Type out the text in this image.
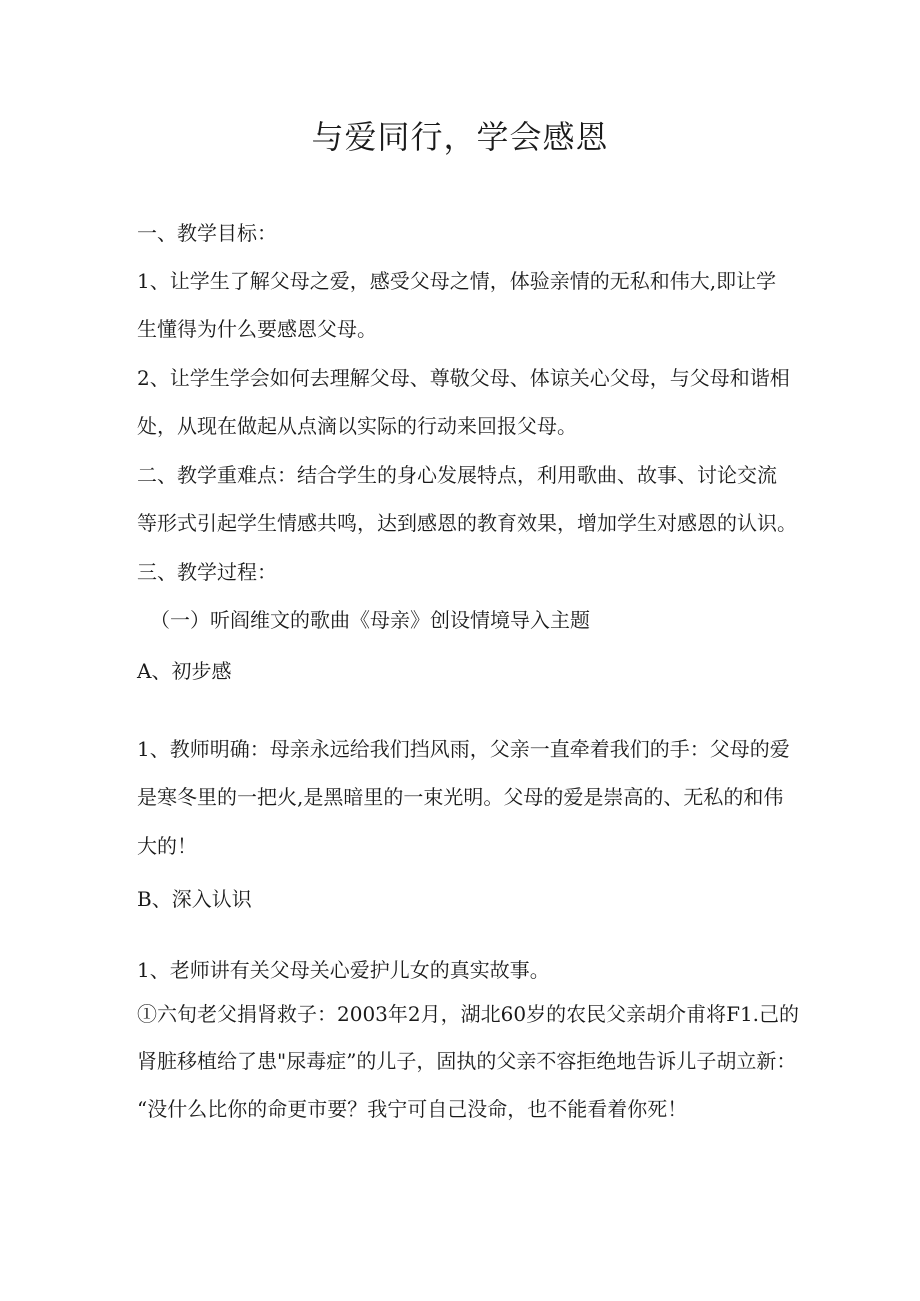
与爱同行，学会感恩

一、教学目标：

1、让学生了解父母之爱，感受父母之情，体验亲情的无私和伟大,即让学

生懂得为什么要感恩父母。

2、让学生学会如何去理解父母、尊敬父母、体谅关心父母，与父母和谐相

处，从现在做起从点滴以实际的行动来回报父母。

二、教学重难点：结合学生的身心发展特点，利用歌曲、故事、讨论交流

等形式引起学生情感共鸣，达到感恩的教育效果，增加学生对感恩的认识。

三、教学过程：

（一）听阎维文的歌曲《母亲》创设情境导入主题

A、初步感

1、教师明确：母亲永远给我们挡风雨，父亲一直牵着我们的手：父母的爱

是寒冬里的一把火,是黑暗里的一束光明。父母的爱是崇高的、无私的和伟

大的！

B、深入认识

1、老师讲有关父母关心爱护儿女的真实故事。

①六旬老父捐肾救子：2003年2月，湖北60岁的农民父亲胡介甫将F1.己的

肾脏移植给了患"尿毒症”的儿子，固执的父亲不容拒绝地告诉儿子胡立新：

“没什么比你的命更市要？我宁可自己没命，也不能看着你死！
